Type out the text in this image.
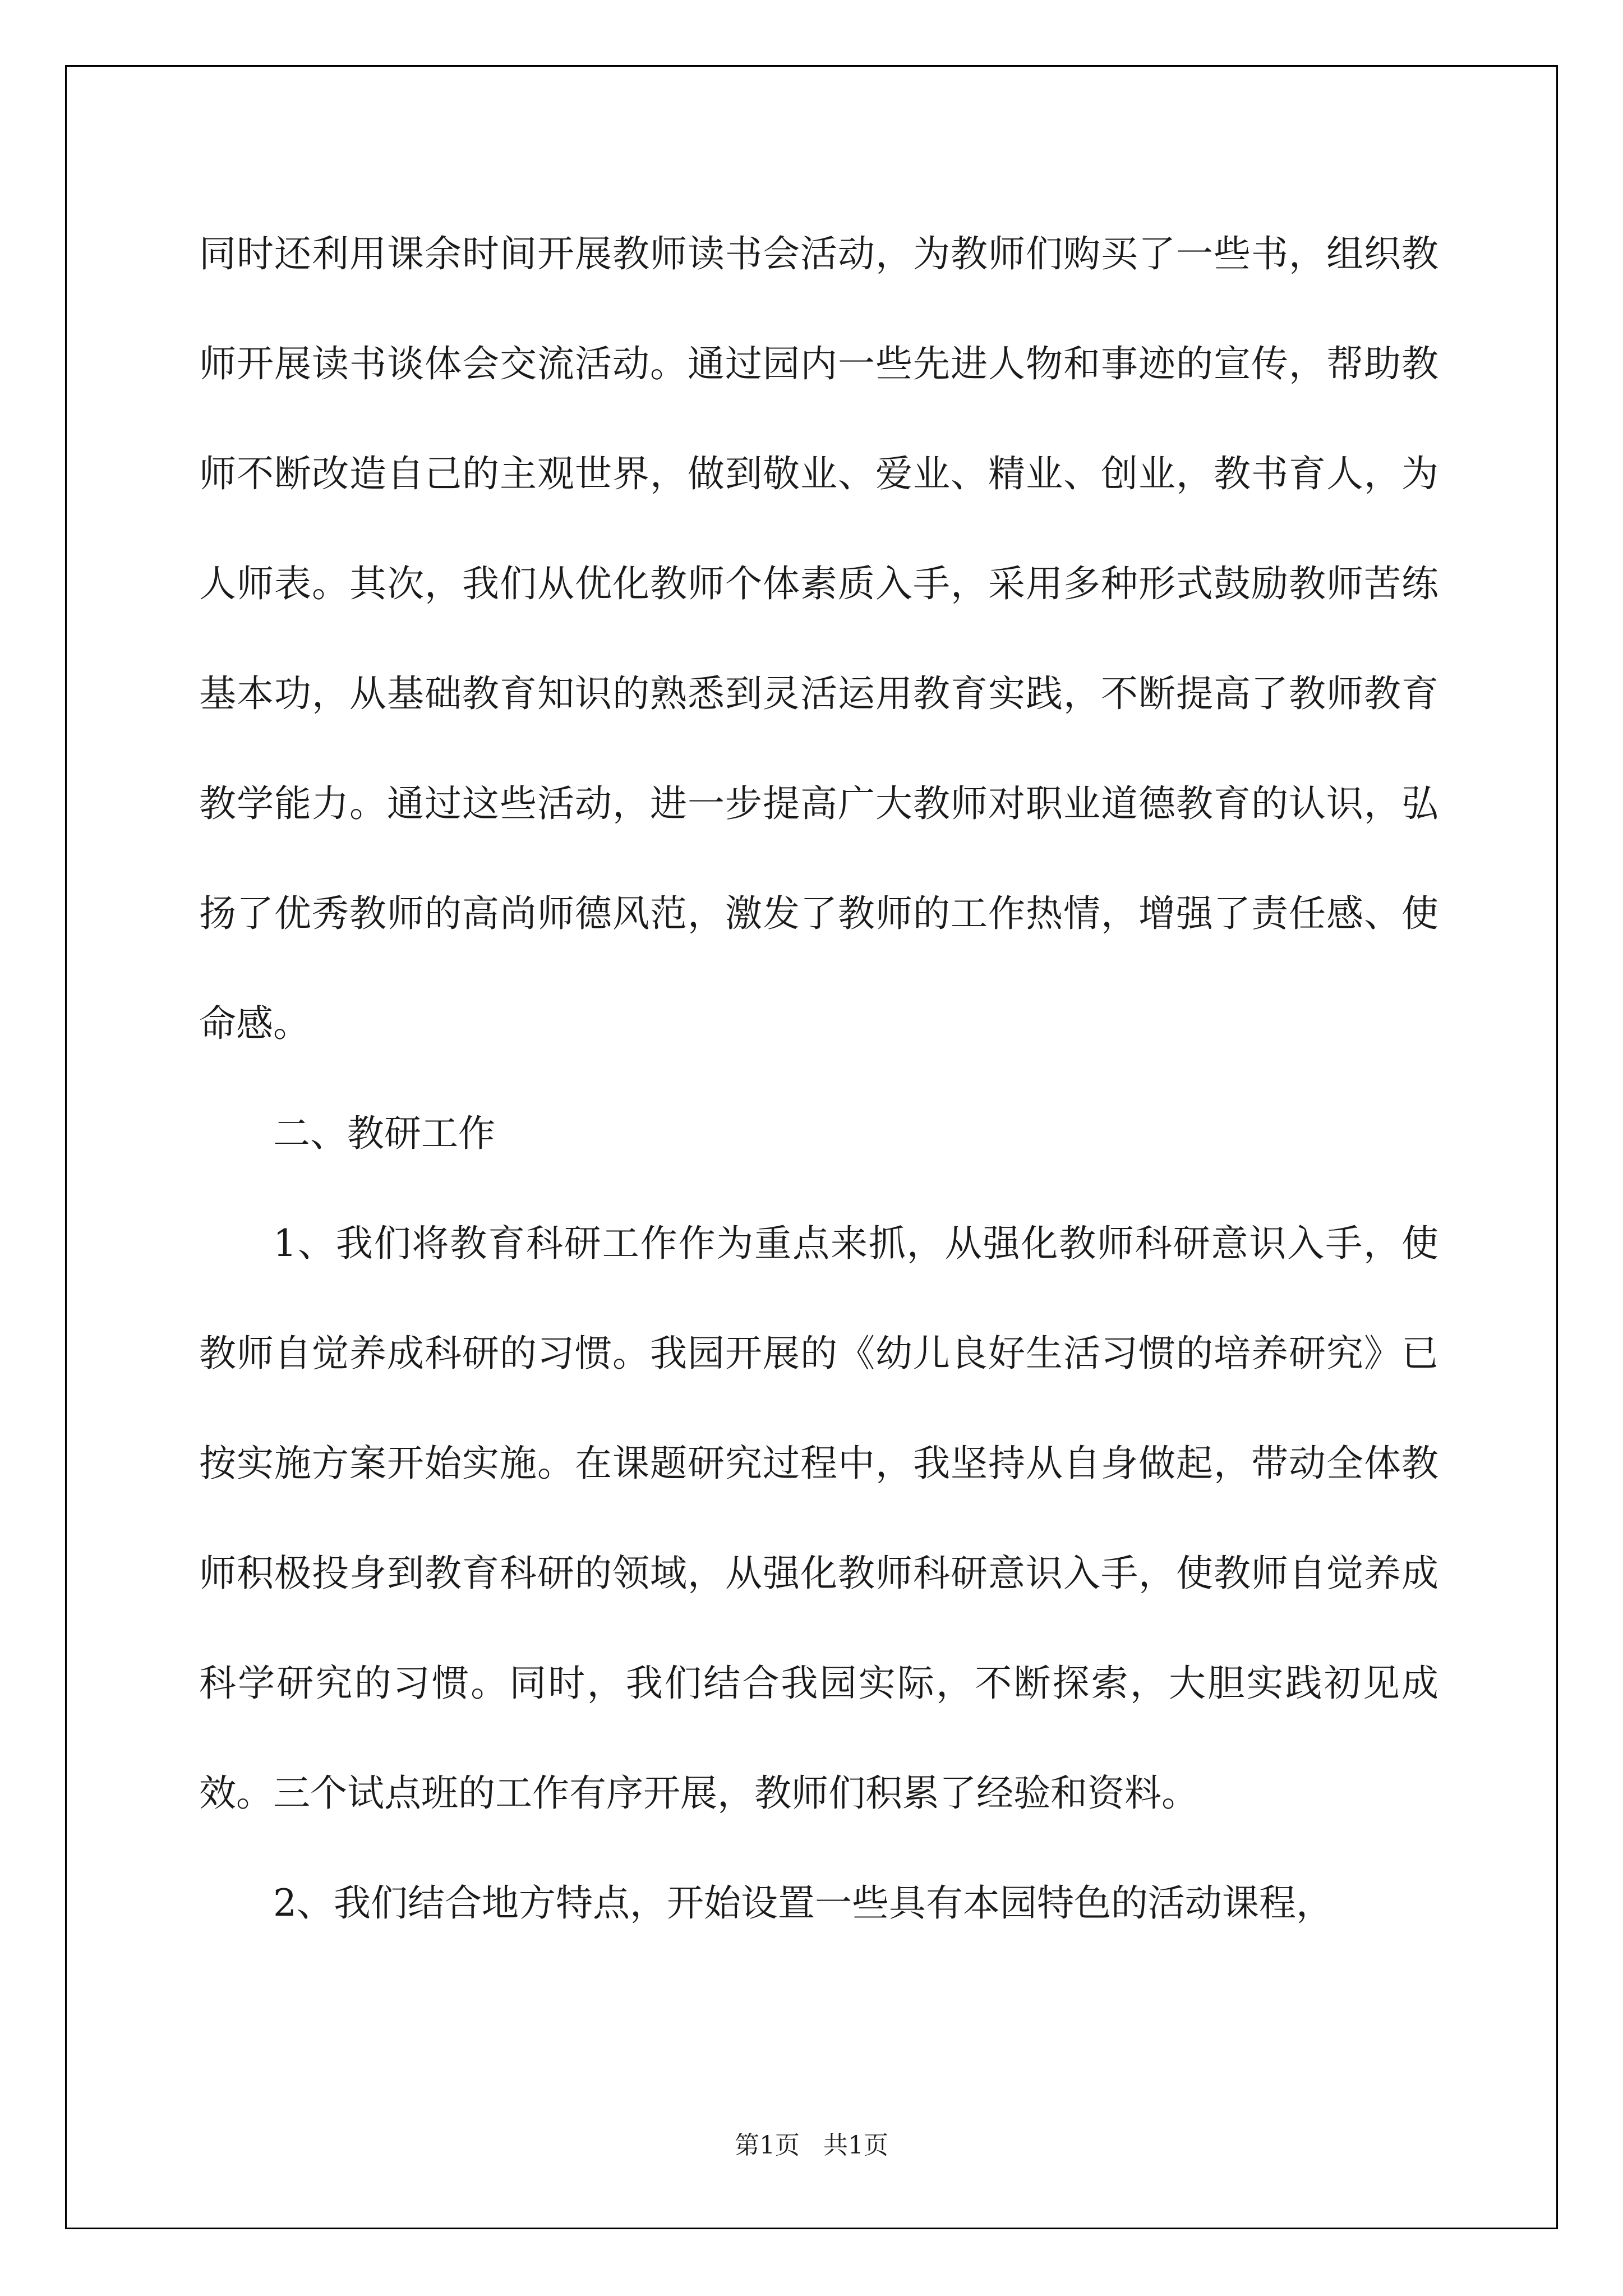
同时还利用课余时间开展教师读书会活动，为教师们购买了一些书，组织教师开展读书谈体会交流活动。通过园内一些先进人物和事迹的宣传，帮助教师不断改造自己的主观世界，做到敬业、爱业、精业、创业，教书育人，为人师表。其次，我们从优化教师个体素质入手，采用多种形式鼓励教师苦练基本功，从基础教育知识的熟悉到灵活运用教育实践，不断提高了教师教育教学能力。通过这些活动，进一步提高广大教师对职业道德教育的认识，弘扬了优秀教师的高尚师德风范，激发了教师的工作热情，增强了责任感、使命感。

二、教研工作

1、我们将教育科研工作作为重点来抓，从强化教师科研意识入手，使教师自觉养成科研的习惯。我园开展的《幼儿良好生活习惯的培养研究》已按实施方案开始实施。在课题研究过程中，我坚持从自身做起，带动全体教师积极投身到教育科研的领域，从强化教师科研意识入手，使教师自觉养成科学研究的习惯。同时，我们结合我园实际，不断探索，大胆实践初见成效。三个试点班的工作有序开展，教师们积累了经验和资料。

2、我们结合地方特点，开始设置一些具有本园特色的活动课程，

第1页   共1页
